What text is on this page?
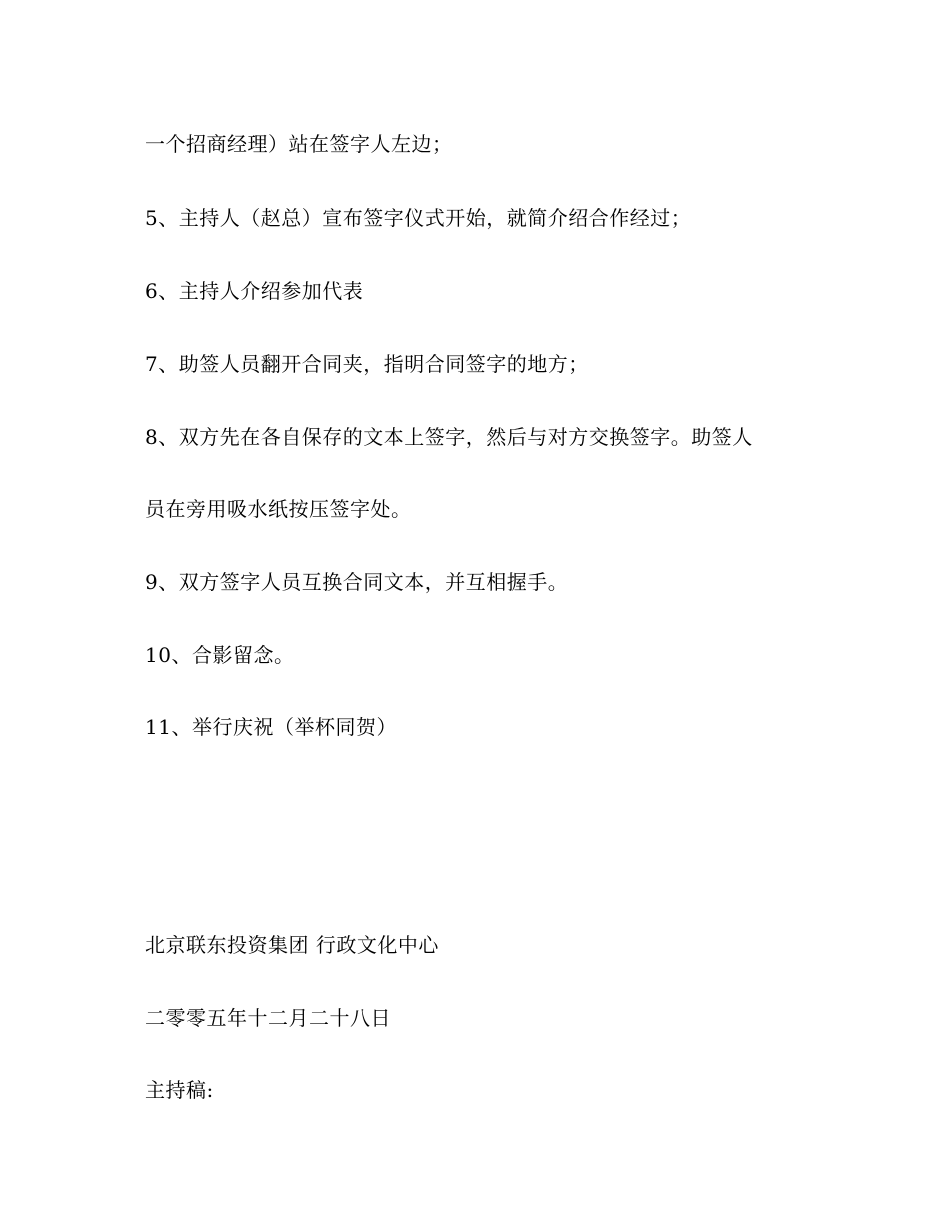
一个招商经理）站在签字人左边；
5、主持人（赵总）宣布签字仪式开始，就简介绍合作经过；
6、主持人介绍参加代表
7、助签人员翻开合同夹，指明合同签字的地方；
8、双方先在各自保存的文本上签字，然后与对方交换签字。助签人
员在旁用吸水纸按压签字处。
9、双方签字人员互换合同文本，并互相握手。
10、合影留念。
11、举行庆祝（举杯同贺）
北京联东投资集团 行政文化中心
二零零五年十二月二十八日
主持稿:
